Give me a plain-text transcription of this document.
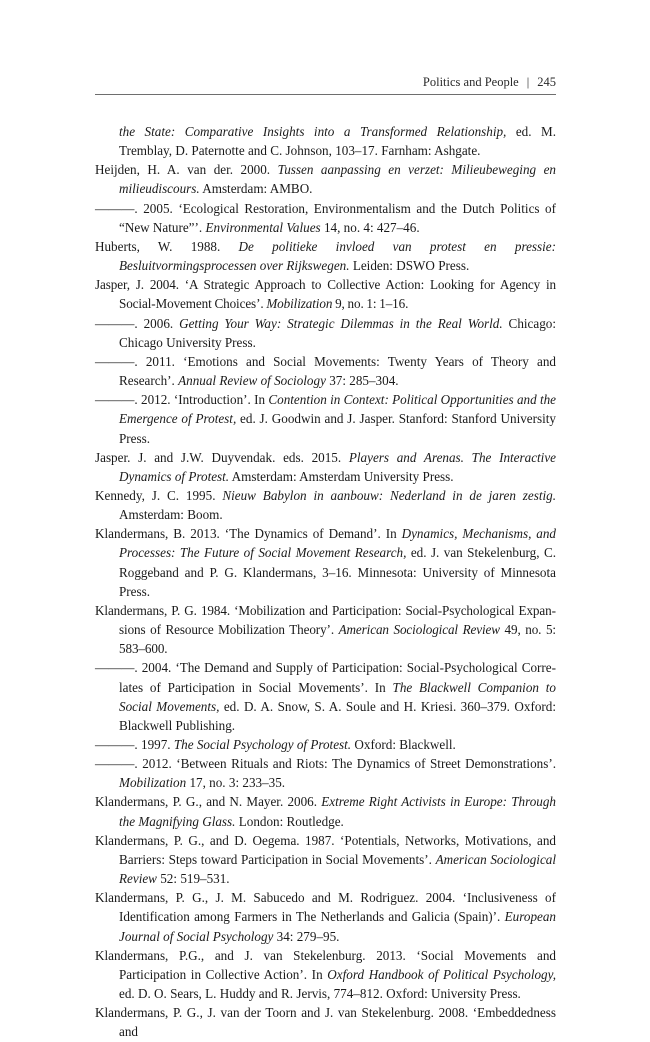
Politics and People | 245

the State: Comparative Insights into a Transformed Relationship, ed. M. Tremblay, D. Paternotte and C. Johnson, 103–17. Farnham: Ashgate.

Heijden, H. A. van der. 2000. Tussen aanpassing en verzet: Milieubeweging en milieudiscours. Amsterdam: AMBO.

———. 2005. ‘Ecological Restoration, Environmentalism and the Dutch Politics of “New Nature”’. Environmental Values 14, no. 4: 427–46.

Huberts, W. 1988. De politieke invloed van protest en pressie: Besluitvormingsprocessen over Rijkswegen. Leiden: DSWO Press.

Jasper, J. 2004. ‘A Strategic Approach to Collective Action: Looking for Agency in Social-Movement Choices’. Mobilization 9, no. 1: 1–16.

———. 2006. Getting Your Way: Strategic Dilemmas in the Real World. Chicago: Chicago University Press.

———. 2011. ‘Emotions and Social Movements: Twenty Years of Theory and Research’. Annual Review of Sociology 37: 285–304.

———. 2012. ‘Introduction’. In Contention in Context: Political Opportunities and the Emergence of Protest, ed. J. Goodwin and J. Jasper. Stanford: Stanford University Press.

Jasper. J. and J.W. Duyvendak. eds. 2015. Players and Arenas. The Interactive Dynamics of Protest. Amsterdam: Amsterdam University Press.

Kennedy, J. C. 1995. Nieuw Babylon in aanbouw: Nederland in de jaren zestig. Amsterdam: Boom.

Klandermans, B. 2013. ‘The Dynamics of Demand’. In Dynamics, Mechanisms, and Processes: The Future of Social Movement Research, ed. J. van Stekelenburg, C. Roggeband and P. G. Klandermans, 3–16. Minnesota: University of Minnesota Press.

Klandermans, P. G. 1984. ‘Mobilization and Participation: Social-Psychological Expansions of Resource Mobilization Theory’. American Sociological Review 49, no. 5: 583–600.

———. 2004. ‘The Demand and Supply of Participation: Social-Psychological Correlates of Participation in Social Movements’. In The Blackwell Companion to Social Movements, ed. D. A. Snow, S. A. Soule and H. Kriesi. 360–379. Oxford: Blackwell Publishing.

———. 1997. The Social Psychology of Protest. Oxford: Blackwell.

———. 2012. ‘Between Rituals and Riots: The Dynamics of Street Demonstrations’. Mobilization 17, no. 3: 233–35.

Klandermans, P. G., and N. Mayer. 2006. Extreme Right Activists in Europe: Through the Magnifying Glass. London: Routledge.

Klandermans, P. G., and D. Oegema. 1987. ‘Potentials, Networks, Motivations, and Barriers: Steps toward Participation in Social Movements’. American Sociological Review 52: 519–531.

Klandermans, P. G., J. M. Sabucedo and M. Rodriguez. 2004. ‘Inclusiveness of Identification among Farmers in The Netherlands and Galicia (Spain)’. European Journal of Social Psychology 34: 279–95.

Klandermans, P.G., and J. van Stekelenburg. 2013. ‘Social Movements and Participation in Collective Action’. In Oxford Handbook of Political Psychology, ed. D. O. Sears, L. Huddy and R. Jervis, 774–812. Oxford: University Press.

Klandermans, P. G., J. van der Toorn and J. van Stekelenburg. 2008. ‘Embeddedness and
